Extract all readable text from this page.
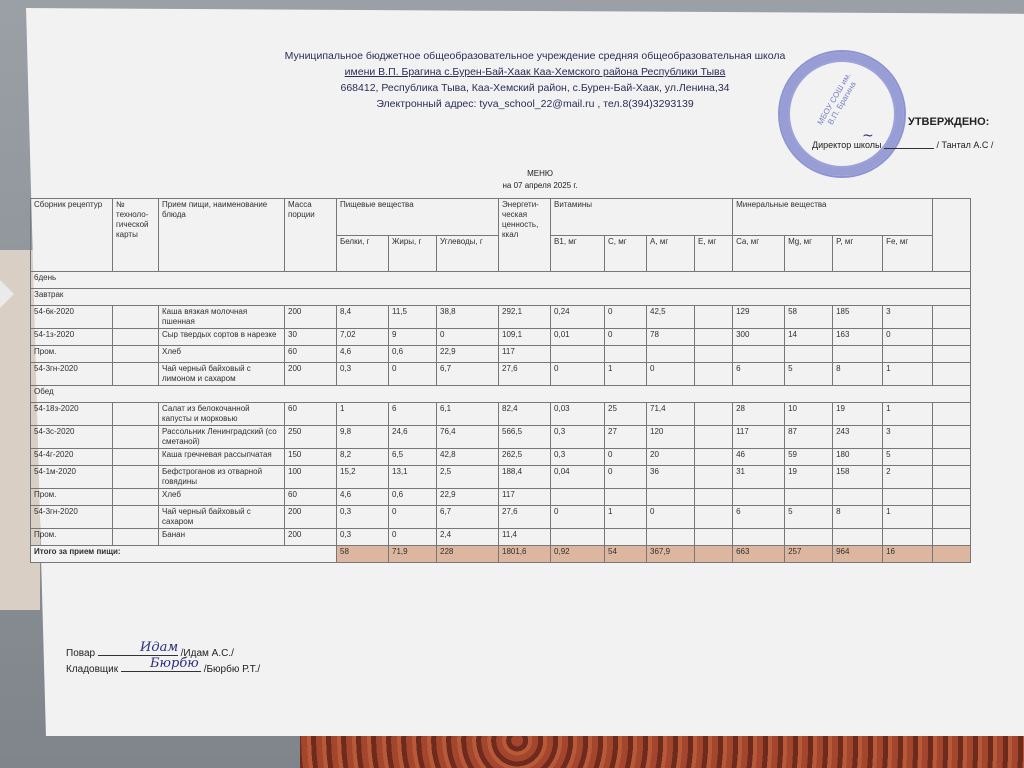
Муниципальное бюджетное общеобразовательное учреждение средняя общеобразовательная школа
имени В.П. Брагина с.Бурен-Бай-Хаак Каа-Хемского района Республики Тыва
668412, Республика Тыва, Каа-Хемский район, с.Бурен-Бай-Хаак, ул.Ленина,34
Электронный адрес: tyva_school_22@mail.ru , тел.8(394)3293139	МБОУ СОШ им. В.П. Брагина	УТВЕРЖДЕНО:
Директор школы	/ Тантал А.С /
~
МЕНЮ
на 07 апреля 2025 г.
Сборник рецептур	№ техноло-гической карты	Прием пищи, наименование блюда	Масса порции	Пищевые вещества			Энергети-ческая ценность, ккал	Витамины				Минеральные вещества				
				Белки, г	Жиры, г	Углеводы, г		B1, мг	C, мг	A, мг	E, мг	Ca, мг	Mg, мг	P, мг	Fe, мг	
6день																
Завтрак																
54-6к-2020		Каша вязкая молочная пшенная	200	8,4	11,5	38,8	292,1	0,24	0	42,5		129	58	185	3	
54-1з-2020		Сыр твердых сортов в нарезке	30	7,02	9	0	109,1	0,01	0	78		300	14	163	0	
Пром.		Хлеб	60	4,6	0,6	22,9	117									
54-3гн-2020		Чай черный байховый с лимоном и сахаром	200	0,3	0	6,7	27,6	0	1	0		6	5	8	1	
Обед																
54-18з-2020		Салат из белокочанной капусты и морковью	60	1	6	6,1	82,4	0,03	25	71,4		28	10	19	1	
54-3с-2020		Рассольник Ленинградский (со сметаной)	250	9,8	24,6	76,4	566,5	0,3	27	120		117	87	243	3	
54-4г-2020		Каша гречневая рассыпчатая	150	8,2	6,5	42,8	262,5	0,3	0	20		46	59	180	5	
54-1м-2020		Бефстроганов из отварной говядины	100	15,2	13,1	2,5	188,4	0,04	0	36		31	19	158	2	
Пром.		Хлеб	60	4,6	0,6	22,9	117									
54-3гн-2020		Чай черный байховый с сахаром	200	0,3	0	6,7	27,6	0	1	0		6	5	8	1	
Пром.		Банан	200	0,3	0	2,4	11,4									
Итого за прием пищи:				58	71,9	228	1801,6	0,92	54	367,9		663	257	964	16	
Повар	/Идам А.С./
Идам
Кладовщик	/Бюрбю Р.Т./
Бюрбю
